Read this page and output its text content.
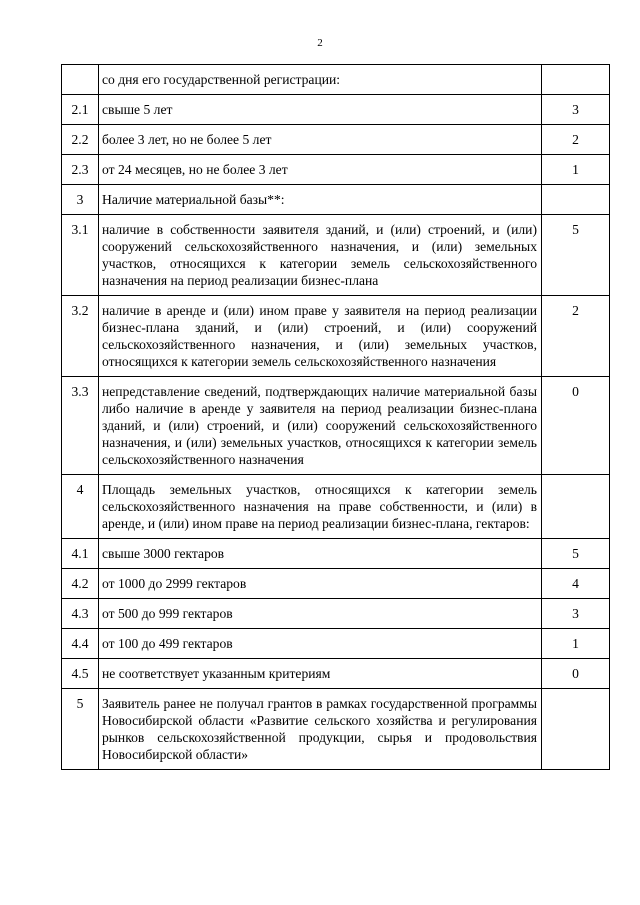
2
	со дня его государственной регистрации:	
2.1	свыше 5 лет	3
2.2	более 3 лет, но не более 5 лет	2
2.3	от 24 месяцев, но не более 3 лет	1
3	Наличие материальной базы**:	
3.1	наличие в собственности заявителя зданий, и (или) строений, и (или) сооружений сельскохозяйственного назначения, и (или) земельных участков, относящихся к категории земель сельскохозяйственного назначения на период реализации бизнес-плана	5
3.2	наличие в аренде и (или) ином праве у заявителя на период реализации бизнес-плана зданий, и (или) строений, и (или) сооружений сельскохозяйственного назначения, и (или) земельных участков, относящихся к категории земель сельскохозяйственного назначения	2
3.3	непредставление сведений, подтверждающих наличие материальной базы либо наличие в аренде у заявителя на период реализации бизнес-плана зданий, и (или) строений, и (или) сооружений сельскохозяйственного назначения, и (или) земельных участков, относящихся к категории земель сельскохозяйственного назначения	0
4	Площадь земельных участков, относящихся к категории земель сельскохозяйственного назначения на праве собственности, и (или) в аренде, и (или) ином праве на период реализации бизнес-плана, гектаров:	
4.1	свыше 3000 гектаров	5
4.2	от 1000 до 2999 гектаров	4
4.3	от 500 до 999 гектаров	3
4.4	от 100 до 499 гектаров	1
4.5	не соответствует указанным критериям	0
5	Заявитель ранее не получал грантов в рамках государственной программы Новосибирской области «Развитие сельского хозяйства и регулирования рынков сельскохозяйственной продукции, сырья и продовольствия Новосибирской области»	
